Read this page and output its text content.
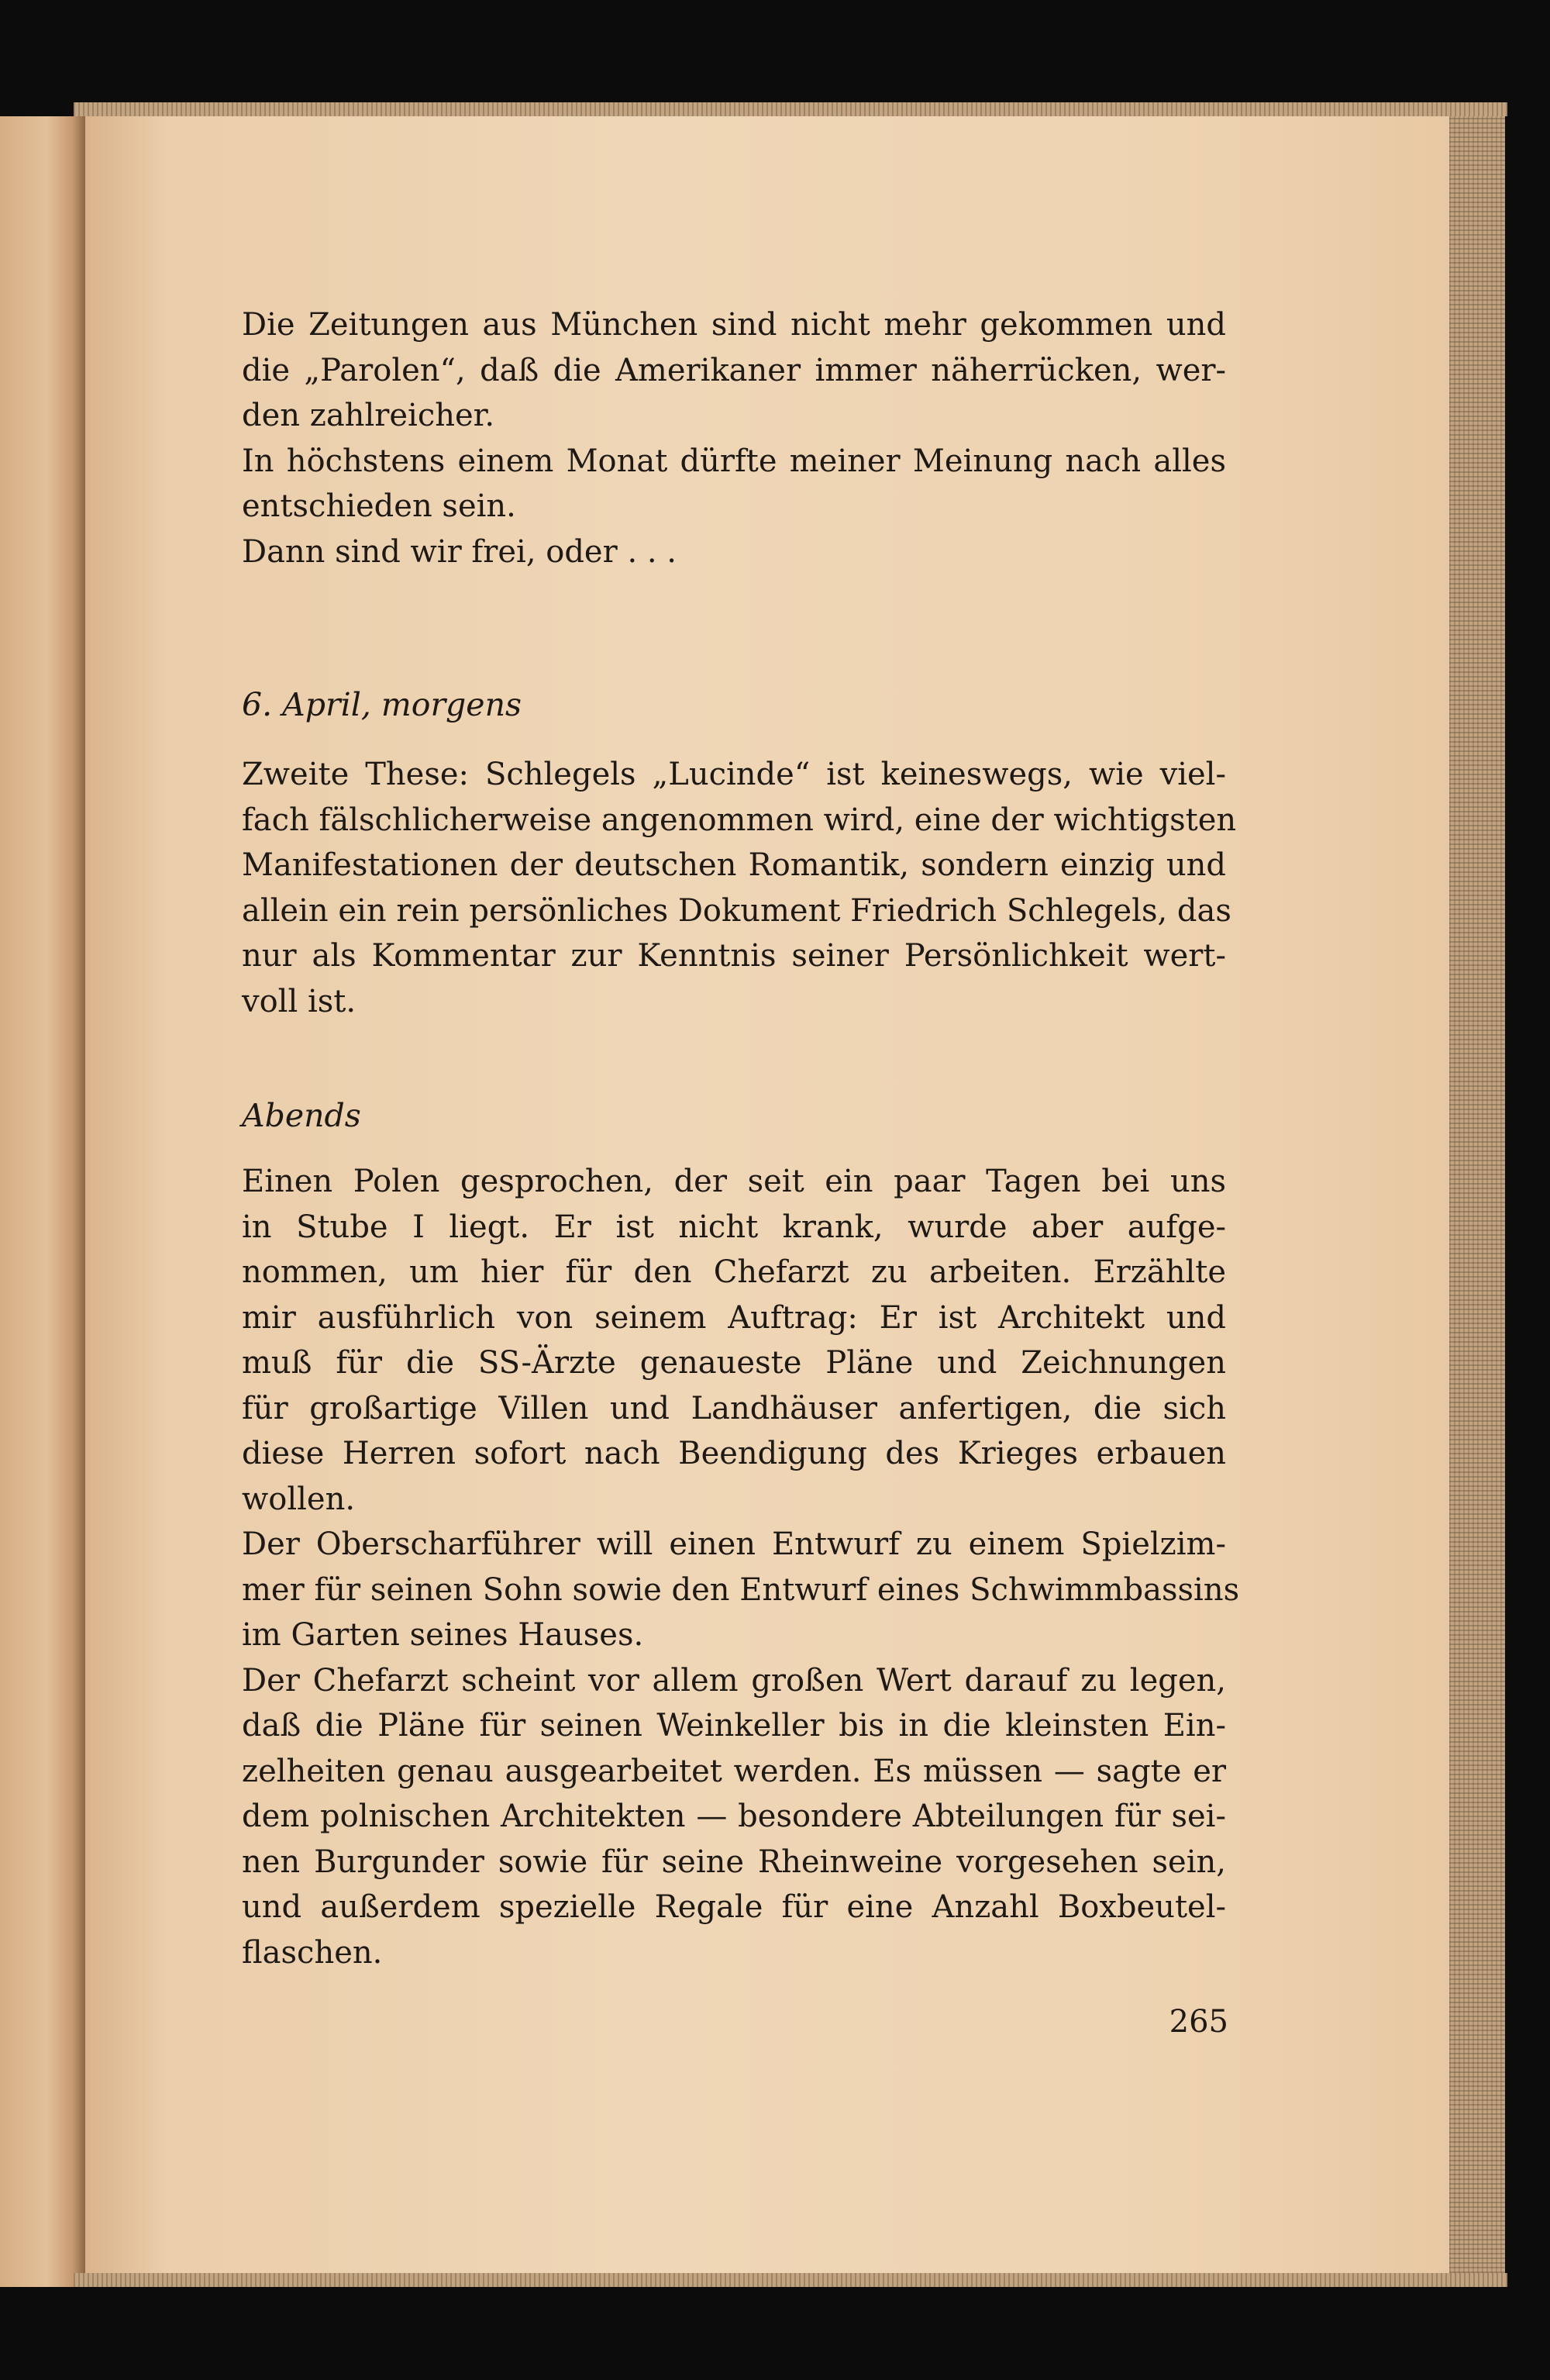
Die Zeitungen aus München sind nicht mehr gekommen und
die „Parolen“, daß die Amerikaner immer näherrücken, wer-
den zahlreicher.
In höchstens einem Monat dürfte meiner Meinung nach alles
entschieden sein.
Dann sind wir frei, oder . . .
6. April, morgens
Zweite These: Schlegels „Lucinde“ ist keineswegs, wie viel-
fach fälschlicherweise angenommen wird, eine der wichtigsten
Manifestationen der deutschen Romantik, sondern einzig und
allein ein rein persönliches Dokument Friedrich Schlegels, das
nur als Kommentar zur Kenntnis seiner Persönlichkeit wert-
voll ist.
Abends
Einen Polen gesprochen, der seit ein paar Tagen bei uns
in Stube I liegt. Er ist nicht krank, wurde aber aufge-
nommen, um hier für den Chefarzt zu arbeiten. Erzählte
mir ausführlich von seinem Auftrag: Er ist Architekt und
muß für die SS-Ärzte genaueste Pläne und Zeichnungen
für großartige Villen und Landhäuser anfertigen, die sich
diese Herren sofort nach Beendigung des Krieges erbauen
wollen.
Der Oberscharführer will einen Entwurf zu einem Spielzim-
mer für seinen Sohn sowie den Entwurf eines Schwimmbassins
im Garten seines Hauses.
Der Chefarzt scheint vor allem großen Wert darauf zu legen,
daß die Pläne für seinen Weinkeller bis in die kleinsten Ein-
zelheiten genau ausgearbeitet werden. Es müssen — sagte er
dem polnischen Architekten — besondere Abteilungen für sei-
nen Burgunder sowie für seine Rheinweine vorgesehen sein,
und außerdem spezielle Regale für eine Anzahl Boxbeutel-
flaschen.
265
